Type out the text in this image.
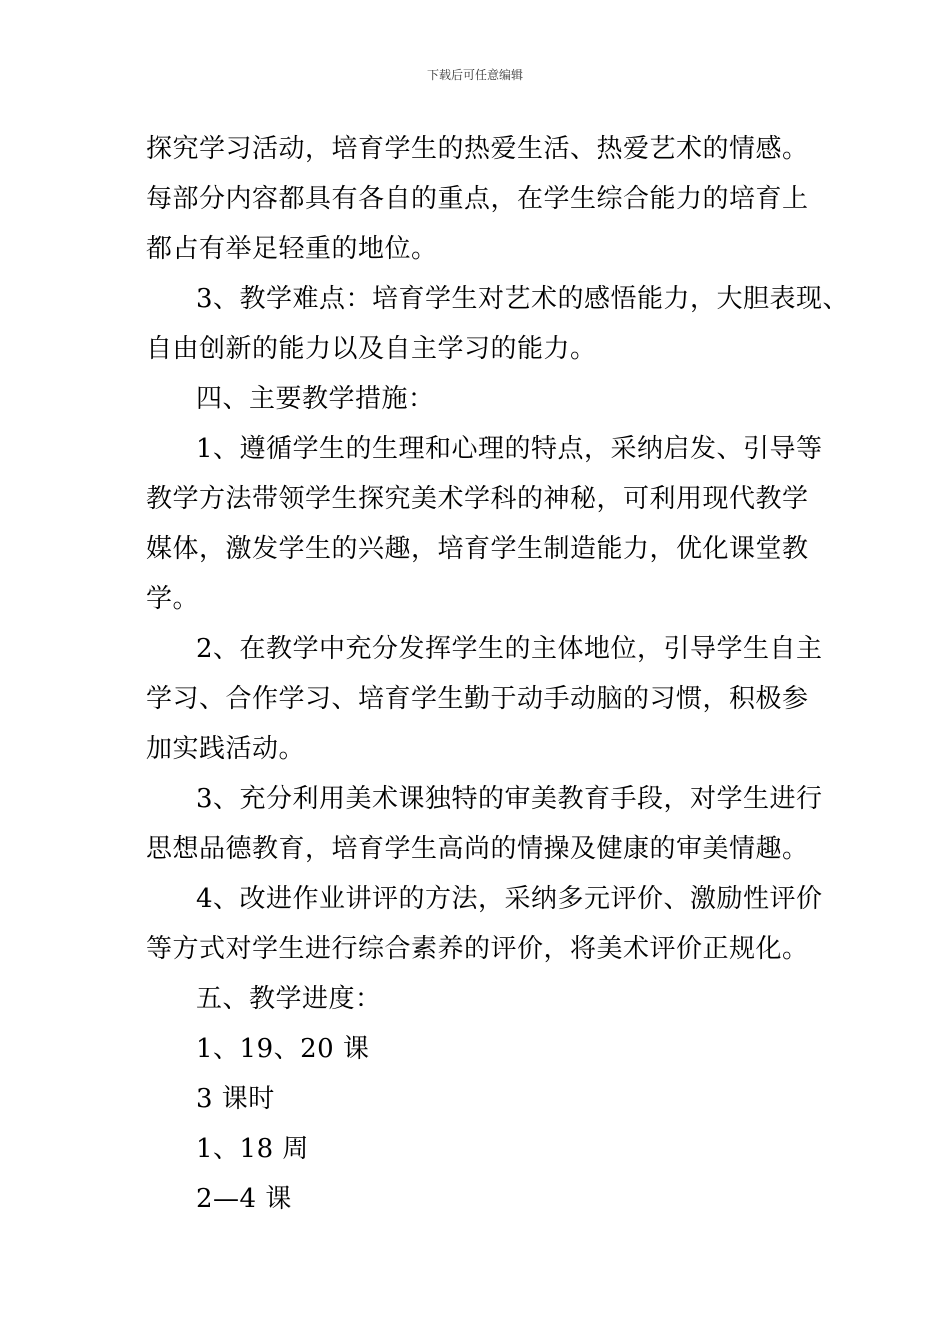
下载后可任意编辑
探究学习活动，培育学生的热爱生活、热爱艺术的情感。
每部分内容都具有各自的重点，在学生综合能力的培育上
都占有举足轻重的地位。
3、教学难点：培育学生对艺术的感悟能力，大胆表现、
自由创新的能力以及自主学习的能力。
四、主要教学措施：
1、遵循学生的生理和心理的特点，采纳启发、引导等
教学方法带领学生探究美术学科的神秘，可利用现代教学
媒体，激发学生的兴趣，培育学生制造能力，优化课堂教
学。
2、在教学中充分发挥学生的主体地位，引导学生自主
学习、合作学习、培育学生勤于动手动脑的习惯，积极参
加实践活动。
3、充分利用美术课独特的审美教育手段，对学生进行
思想品德教育，培育学生高尚的情操及健康的审美情趣。
4、改进作业讲评的方法，采纳多元评价、激励性评价
等方式对学生进行综合素养的评价，将美术评价正规化。
五、教学进度：
1、19、20 课
3 课时
1、18 周
2—4 课
